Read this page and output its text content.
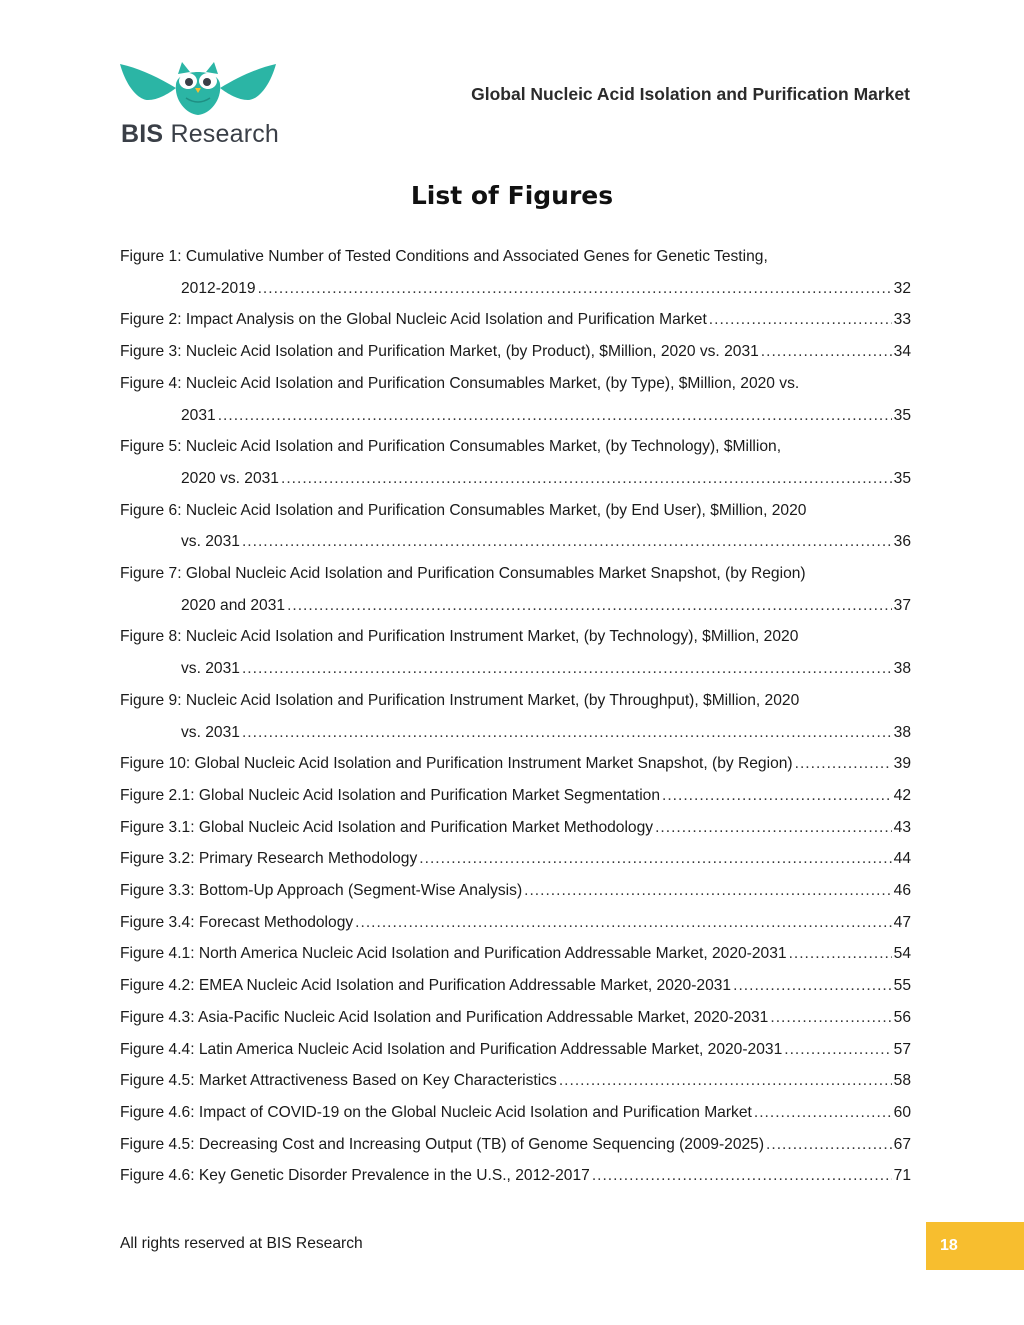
BIS Research
Global Nucleic Acid Isolation and Purification Market
List of Figures
Figure 1: Cumulative Number of Tested Conditions and Associated Genes for Genetic Testing,
2012-2019 .....	32
Figure 2: Impact Analysis on the Global Nucleic Acid Isolation and Purification Market .....	33
Figure 3: Nucleic Acid Isolation and Purification Market, (by Product), $Million, 2020 vs. 2031 .....	34
Figure 4: Nucleic Acid Isolation and Purification Consumables Market, (by Type), $Million, 2020 vs.
2031 .....	35
Figure 5: Nucleic Acid Isolation and Purification Consumables Market, (by Technology), $Million,
2020 vs. 2031 .....	35
Figure 6: Nucleic Acid Isolation and Purification Consumables Market, (by End User), $Million, 2020
vs. 2031 .....	36
Figure 7: Global Nucleic Acid Isolation and Purification Consumables Market Snapshot, (by Region)
2020 and 2031 .....	37
Figure 8: Nucleic Acid Isolation and Purification Instrument Market, (by Technology), $Million, 2020
vs. 2031 .....	38
Figure 9: Nucleic Acid Isolation and Purification Instrument Market, (by Throughput), $Million, 2020
vs. 2031 .....	38
Figure 10: Global Nucleic Acid Isolation and Purification Instrument Market Snapshot, (by Region) .....	39
Figure 2.1: Global Nucleic Acid Isolation and Purification Market Segmentation .....	42
Figure 3.1: Global Nucleic Acid Isolation and Purification Market Methodology .....	43
Figure 3.2: Primary Research Methodology .....	44
Figure 3.3: Bottom-Up Approach (Segment-Wise Analysis) .....	46
Figure 3.4: Forecast Methodology .....	47
Figure 4.1: North America Nucleic Acid Isolation and Purification Addressable Market, 2020-2031 .....	54
Figure 4.2: EMEA Nucleic Acid Isolation and Purification Addressable Market, 2020-2031 .....	55
Figure 4.3: Asia-Pacific Nucleic Acid Isolation and Purification Addressable Market, 2020-2031 .....	56
Figure 4.4: Latin America Nucleic Acid Isolation and Purification Addressable Market, 2020-2031 .....	57
Figure 4.5: Market Attractiveness Based on Key Characteristics .....	58
Figure 4.6: Impact of COVID-19 on the Global Nucleic Acid Isolation and Purification Market .....	60
Figure 4.5: Decreasing Cost and Increasing Output (TB) of Genome Sequencing (2009-2025) .....	67
Figure 4.6: Key Genetic Disorder Prevalence in the U.S., 2012-2017 .....	71
All rights reserved at BIS Research	18
